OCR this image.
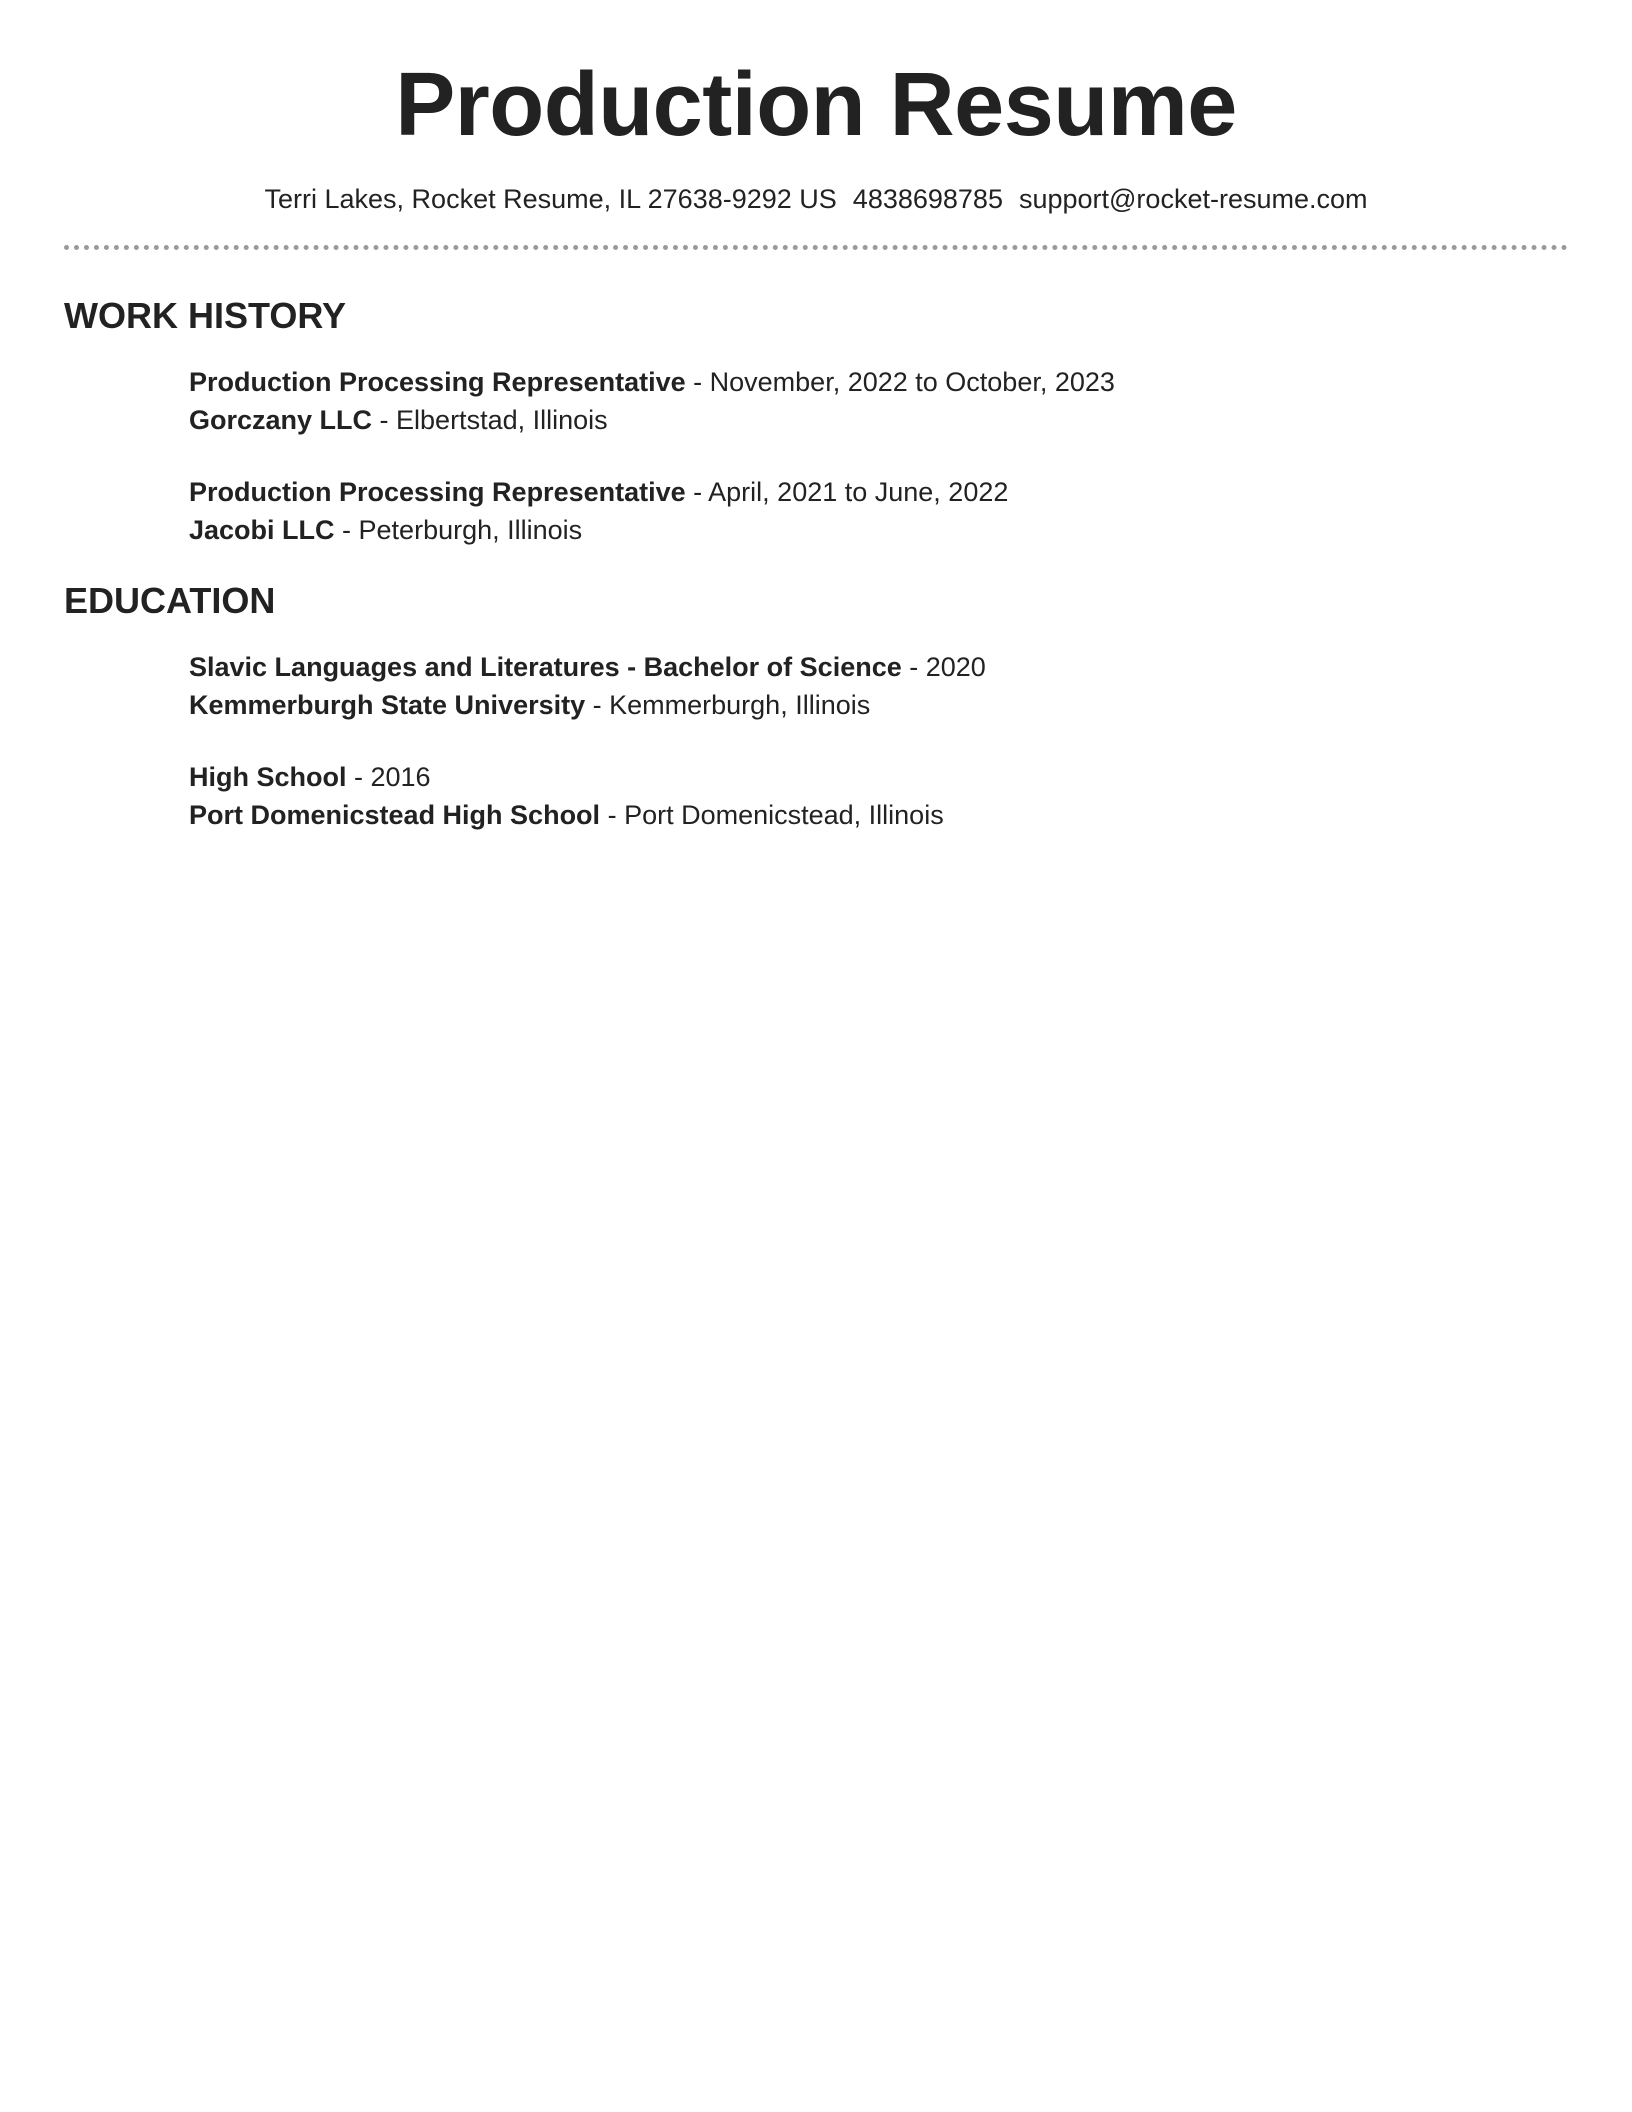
Production Resume
Terri Lakes, Rocket Resume, IL 27638-9292 US 4838698785 support@rocket-resume.com
WORK HISTORY
Production Processing Representative - November, 2022 to October, 2023
Gorczany LLC - Elbertstad, Illinois
Production Processing Representative - April, 2021 to June, 2022
Jacobi LLC - Peterburgh, Illinois
EDUCATION
Slavic Languages and Literatures - Bachelor of Science - 2020
Kemmerburgh State University - Kemmerburgh, Illinois
High School - 2016
Port Domenicstead High School - Port Domenicstead, Illinois
